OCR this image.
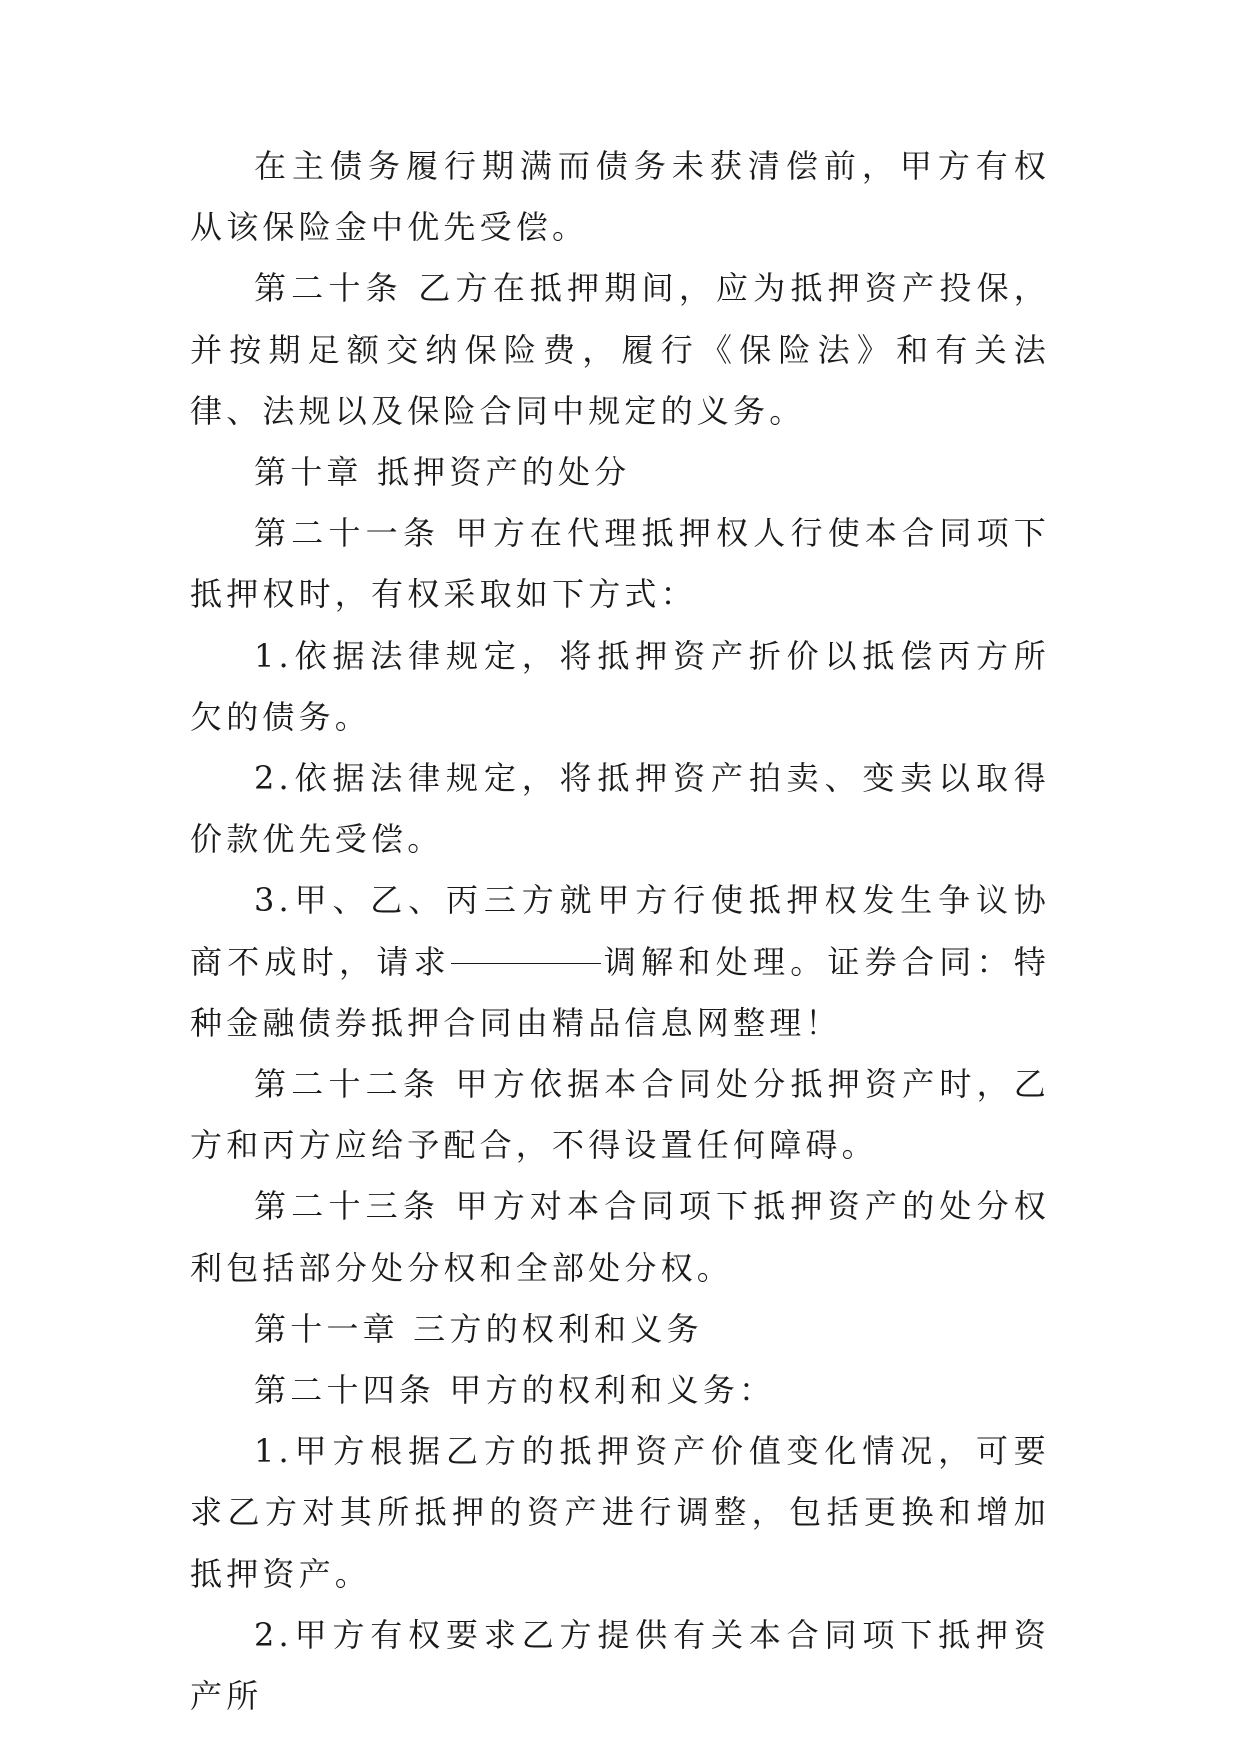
在主债务履行期满而债务未获清偿前，甲方有权从该保险金中优先受偿。

第二十条 乙方在抵押期间，应为抵押资产投保，并按期足额交纳保险费，履行《保险法》和有关法律、法规以及保险合同中规定的义务。

第十章 抵押资产的处分

第二十一条 甲方在代理抵押权人行使本合同项下抵押权时，有权采取如下方式：

1.依据法律规定，将抵押资产折价以抵偿丙方所欠的债务。

2.依据法律规定，将抵押资产拍卖、变卖以取得价款优先受偿。

3.甲、乙、丙三方就甲方行使抵押权发生争议协商不成时，请求	调解和处理。证券合同：特种金融债券抵押合同由精品信息网整理！

第二十二条 甲方依据本合同处分抵押资产时，乙方和丙方应给予配合，不得设置任何障碍。

第二十三条 甲方对本合同项下抵押资产的处分权利包括部分处分权和全部处分权。

第十一章 三方的权利和义务

第二十四条 甲方的权利和义务：

1.甲方根据乙方的抵押资产价值变化情况，可要求乙方对其所抵押的资产进行调整，包括更换和增加抵押资产。

2.甲方有权要求乙方提供有关本合同项下抵押资产所
